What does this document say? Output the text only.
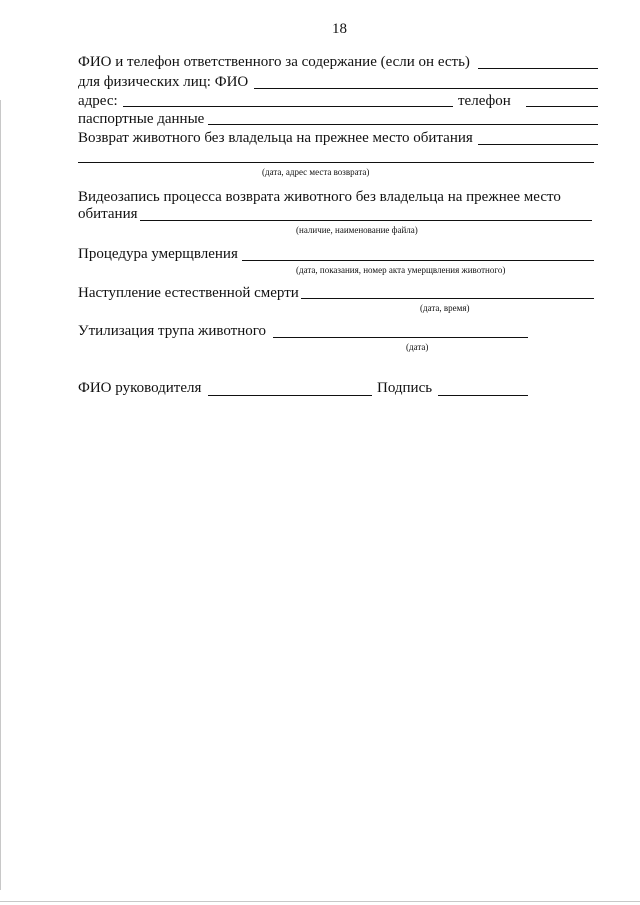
18
ФИО и телефон ответственного за содержание (если он есть)
для физических лиц: ФИО
адрес:	телефон
паспортные данные
Возврат животного без владельца на прежнее место обитания
(дата, адрес места возврата)
Видеозапись процесса возврата животного без владельца на прежнее место
обитания
(наличие, наименование файла)
Процедура умерщвления
(дата, показания, номер акта умерщвления животного)
Наступление естественной смерти
(дата, время)
Утилизация трупа животного
(дата)
ФИО руководителя	Подпись
